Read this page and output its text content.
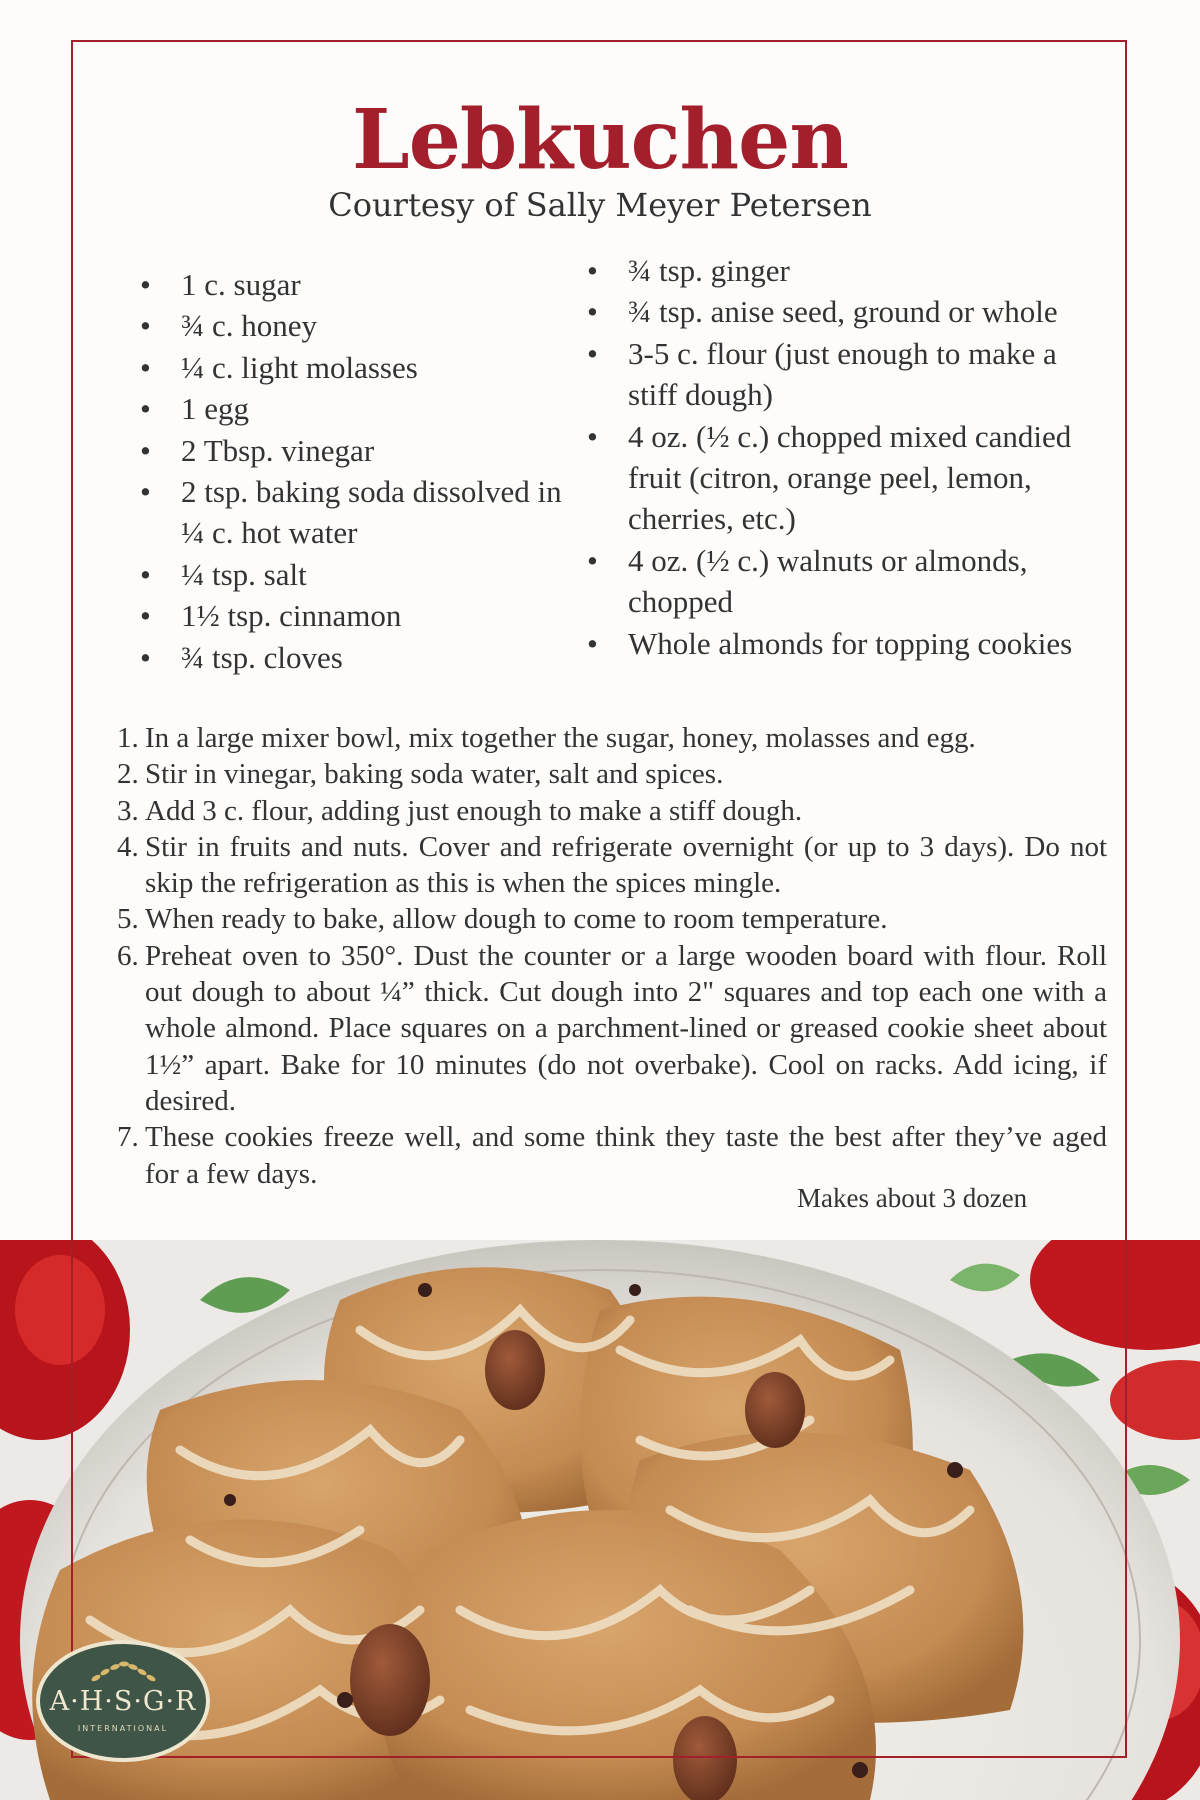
Lebkuchen

Courtesy of Sally Meyer Petersen

• 1 c. sugar
• ¾ c. honey
• ¼ c. light molasses
• 1 egg
• 2 Tbsp. vinegar
• 2 tsp. baking soda dissolved in ¼ c. hot water
• ¼ tsp. salt
• 1½ tsp. cinnamon
• ¾ tsp. cloves
• ¾ tsp. ginger
• ¾ tsp. anise seed, ground or whole
• 3-5 c. flour (just enough to make a stiff dough)
• 4 oz. (½ c.) chopped mixed candied fruit (citron, orange peel, lemon, cherries, etc.)
• 4 oz. (½ c.) walnuts or almonds, chopped
• Whole almonds for topping cookies
1. In a large mixer bowl, mix together the sugar, honey, molasses and egg.
2. Stir in vinegar, baking soda water, salt and spices.
3. Add 3 c. flour, adding just enough to make a stiff dough.
4. Stir in fruits and nuts. Cover and refrigerate overnight (or up to 3 days). Do not skip the refrigeration as this is when the spices mingle.
5. When ready to bake, allow dough to come to room temperature.
6. Preheat oven to 350°. Dust the counter or a large wooden board with flour. Roll out dough to about ¼” thick. Cut dough into 2" squares and top each one with a whole almond. Place squares on a parchment-lined or greased cookie sheet about 1½” apart. Bake for 10 minutes (do not overbake). Cool on racks. Add icing, if desired.
7. These cookies freeze well, and some think they taste the best after they’ve aged for a few days.

Makes about 3 dozen

A·H·S·G·R
INTERNATIONAL
